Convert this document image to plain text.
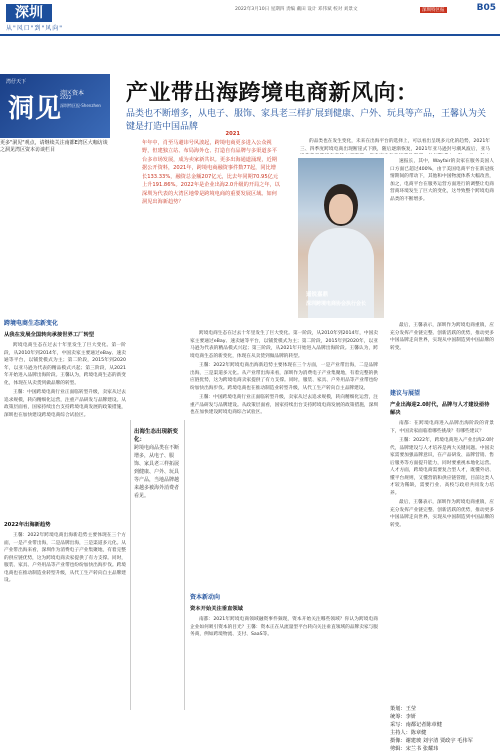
深圳
从"风口"到"风向"
2022年3月10日 星期四 责编 戴田 设计 邓伟斌 校对 刘景文	深圳特区报	B05
湾仔天下
洞见
湾区资本
2022
深圳特区报·Shenzhen
更多"洞见"观点，请继续关注南都E湾区大咖访谈之洞见湾区资本访谈栏目
产业带出海跨境电商新风向：
品类也不断增多，从电子、服饰、家具老三样扩展到健康、户外、玩具等产品，王馨认为关键是打造中国品牌
2021
年年中，肖至马避讳号风波起，跨境电商更多进入公众视野，但建独立站、布局海外仓、打造自有品牌与多渠道多平台多市场发展，成为卖家新共识。更多出海通道涌现，近期据公开资料，2021年，跨境电商融资事件数77起，同比增长133.33%，融资总金额207亿元，比去年同期70.95亿元上升191.86%。2022年是企业出海2.0升级的开局之年，以深圳为代表的大湾区地带是跨境电商的重要发展区域。如何洞见出海新趋势？

的品类也在发生变化，未来在出海平台的选择上，可以看出呈现多元化的趋势，2021年三、四季度跨境电商出现断崖式下跌，随后逐渐恢复，2021年亚马逊封号潮风波后，亚马

遥锐嘉鼎
深圳跨境电商协会执行会长

速报长，其中，Wayfair的卖家在服务美国人口方面已超过400%，由于美国电商平台在新冠疫情期间的带动下，其他和中国物流体系大幅改善，加之，电商平台在服务运营方面进行的调整让电商营商环境发生了巨大的变化，这导致整个跨境电商品类的不断增多。

跨境电商生态新变化
从我在发展全国转向承接世界工厂转型

跨境电商生态在过去十年里发生了巨大变化。第一阶段，从2010年到2014年，中国卖家主要通过eBay、速卖通等平台，以铺货模式为主；第二阶段，2015年到2020年，以亚马逊为代表的精品模式兴起；第三阶段，从2021年开始进入品牌出海阶段。王馨认为，跨境电商生态的新变化，体现在从卖货到做品牌的转型。

王馨：中国跨境电商行业正面临转型升级，卖家从过去追求规模，转向精细化运营，注重产品研发与品牌建设。从政策层面看，国家持续出台支持跨境电商发展的政策措施，深圳也在加快建设跨境电商综合试验区。

2022年出海新趋势

王馨：2022年跨境电商出海新趋势主要体现在三个方面，一是产业带出海，二是品牌出海，三是渠道多元化。从产业带出海来看，深圳作为消费电子产业集聚地，有着完整的供应链优势，这为跨境电商卖家提供了有力支撑。同时，服装、家具、户外用品等产业带也纷纷加快出海步伐。跨境电商也在推动制造业转型升级，从代工生产转向自主品牌建设。

出海生态出现新变化：
跨境电商品类在不断增多，从电子、服饰、家具老三样拓展到健康、户外、玩具等产品，当地品牌越来越多被海外消费者看见。

跨境电商生态在过去十年里发生了巨大变化。第一阶段，从2010年到2014年，中国卖家主要通过eBay、速卖通等平台，以铺货模式为主；第二阶段，2015年到2020年，以亚马逊为代表的精品模式兴起；第三阶段，从2021年开始进入品牌出海阶段。王馨认为，跨境电商生态的新变化，体现在从卖货到做品牌的转型。

王馨：2022年跨境电商出海新趋势主要体现在三个方面，一是产业带出海，二是品牌出海，三是渠道多元化。从产业带出海来看，深圳作为消费电子产业集聚地，有着完整的供应链优势，这为跨境电商卖家提供了有力支撑。同时，服装、家具、户外用品等产业带也纷纷加快出海步伐。跨境电商也在推动制造业转型升级，从代工生产转向自主品牌建设。

王馨：中国跨境电商行业正面临转型升级，卖家从过去追求规模，转向精细化运营，注重产品研发与品牌建设。从政策层面看，国家持续出台支持跨境电商发展的政策措施，深圳也在加快建设跨境电商综合试验区。

资本新动向
资本开始关注垂直领域

南都：2021年跨境电商领域融资事件频现，资本开始关注哪些领域？你认为跨境电商企业如何吸引资本的目光？王馨：资本正在从流量型平台转向关注垂直领域的品牌卖家与服务商，例如跨境物流、支付、SaaS等。

最后，王馨表示，深圳作为跨境电商重镇，应充分发挥产业链完整、创新活跃的优势，推动更多中国品牌走向世界，实现从中国制造到中国品牌的转变。

建议与展望
产业出海迎2.0时代，品牌与人才建设亟待解决

南都：在跨境电商进入品牌出海阶段的背景下，中国卖家面临着哪些挑战？有哪些建议？

王馨：2022年，跨境电商进入产业出海2.0时代，品牌建设与人才培养是两大关键问题。中国卖家需要加强品牌意识，在产品研发、品牌营销、售后服务等方面提升能力，同时要重视本地化运营。人才方面，跨境电商需要复合型人才，既懂外语、懂平台规则，又懂营销和供应链管理，目前这类人才较为稀缺，需要行业、高校与政府共同发力培养。

最后，王馨表示，深圳作为跨境电商重镇，应充分发挥产业链完整、创新活跃的优势，推动更多中国品牌走向世界，实现从中国制造到中国品牌的转变。

策划：王莹
统筹：李妍
采写：南都记者陈章健
主持人：陈章健
摄像：谢建玻 刘宇清 贾政宇 毛伟军
剪辑：宋兰书 张耀玮
